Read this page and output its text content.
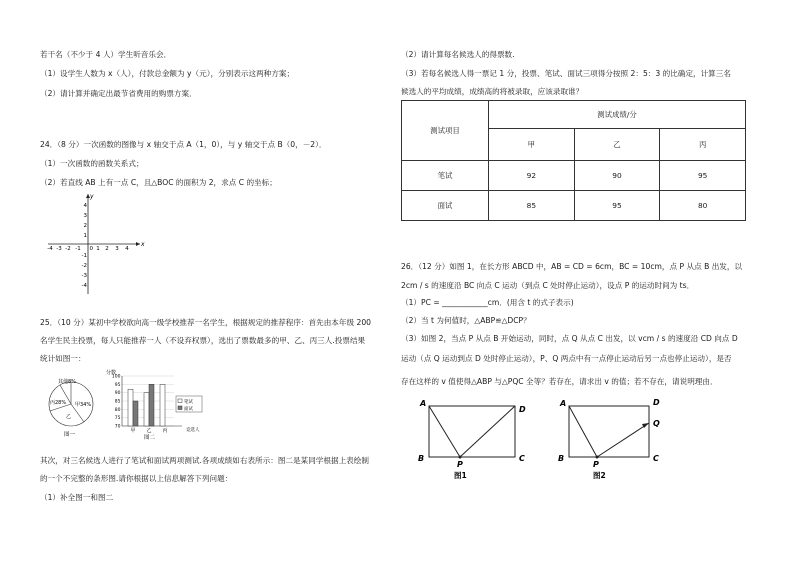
若干名（不少于 4 人）学生听音乐会．
（1）设学生人数为 x（人），付款总金额为 y（元），分别表示这两种方案；
（2）请计算并确定出最节省费用的购票方案．
24．（8 分）一次函数的图像与 x 轴交于点 A（1，0），与 y 轴交于点 B（0，－2）．
（1）一次函数的函数关系式；
（2）若直线 AB 上有一点 C，且△BOC 的面积为 2，求点 C 的坐标；
x
y
0
-4 -3 -2 -1	1 2 3 4
4
3
2
1
-1
-2
-3
-4
25．（10 分）某初中学校欲向高一级学校推荐一名学生，根据规定的推荐程序：首先由本年级 200
名学生民主投票，每人只能推荐一人（不设弃权票），选出了票数最多的甲、乙、丙三人.投票结果
统计如图一：
其他8%
甲34%
丙28%
乙
图一
分数
100
95
90
85
80
75
70
甲 乙 丙	竞选人
笔试
面试
图二
其次，对三名候选人进行了笔试和面试两项测试.各项成绩如右表所示：图二是某同学根据上表绘制
的一个不完整的条形图.请你根据以上信息解答下列问题：
（1）补全图一和图二
（2）请计算每名候选人的得票数.
（3）若每名候选人得一票记 1 分，投票、笔试、面试三项得分按照 2：5：3 的比确定，计算三名
候选人的平均成绩，成绩高的将被录取，应该录取谁？
测试项目	测试成绩/分		
	甲	乙	丙
笔试	92	90	95
面试	85	95	80
26．（12 分）如图 1，在长方形 ABCD 中，AB = CD = 6cm，BC = 10cm，点 P 从点 B 出发，以
2cm / s 的速度沿 BC 向点 C 运动（到点 C 处时停止运动），设点 P 的运动时间为 ts．
（1）PC = ____________cm．(用含 t 的式子表示)
（2）当 t 为何值时，△ABP≌△DCP？
（3）如图 2，当点 P 从点 B 开始运动，同时，点 Q 从点 C 出发，以 vcm / s 的速度沿 CD 向点 D
运动（点 Q 运动到点 D 处时停止运动），P、Q 两点中有一点停止运动后另一点也停止运动），是否
存在这样的 v 值使得△ABP 与△PQC 全等？若存在，请求出 v 的值；若不存在，请说明理由．
A
B	C
D
P
图1
A
B	C
D
Q
P
图2
